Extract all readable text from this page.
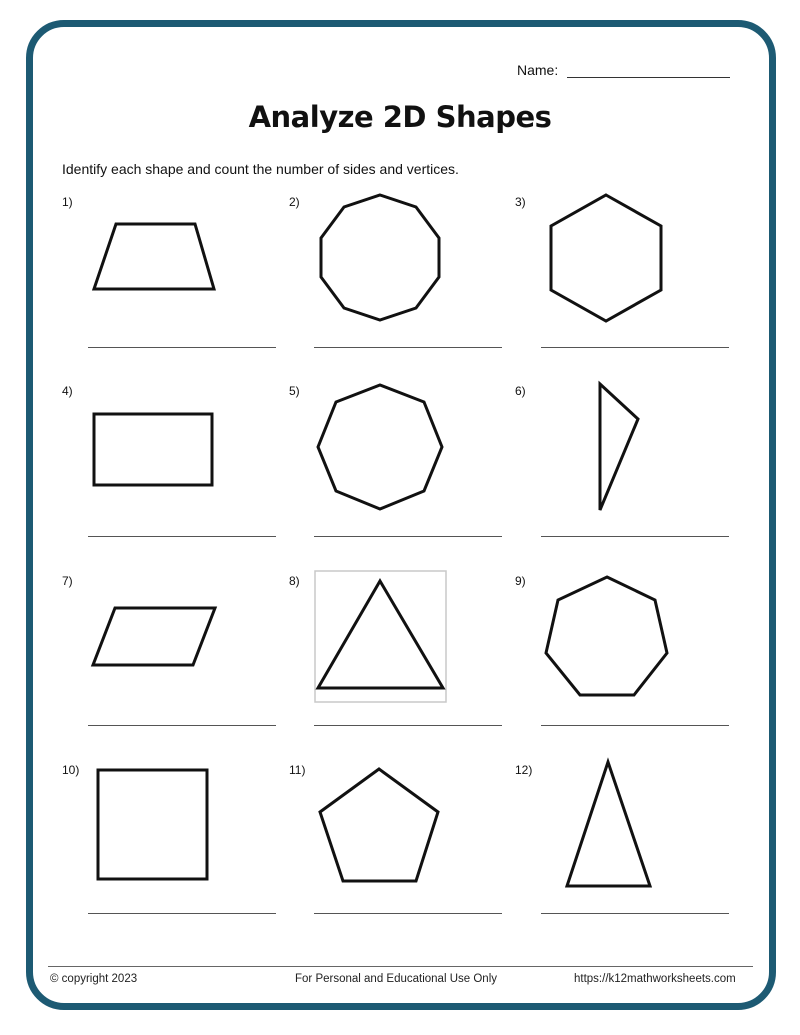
Name:
Analyze 2D Shapes
Identify each shape and count the number of sides and vertices.
1)	2)	3)
4)	5)	6)
7)	8)	9)
10)	11)	12)
© copyright 2023	For Personal and Educational Use Only	https://k12mathworksheets.com
